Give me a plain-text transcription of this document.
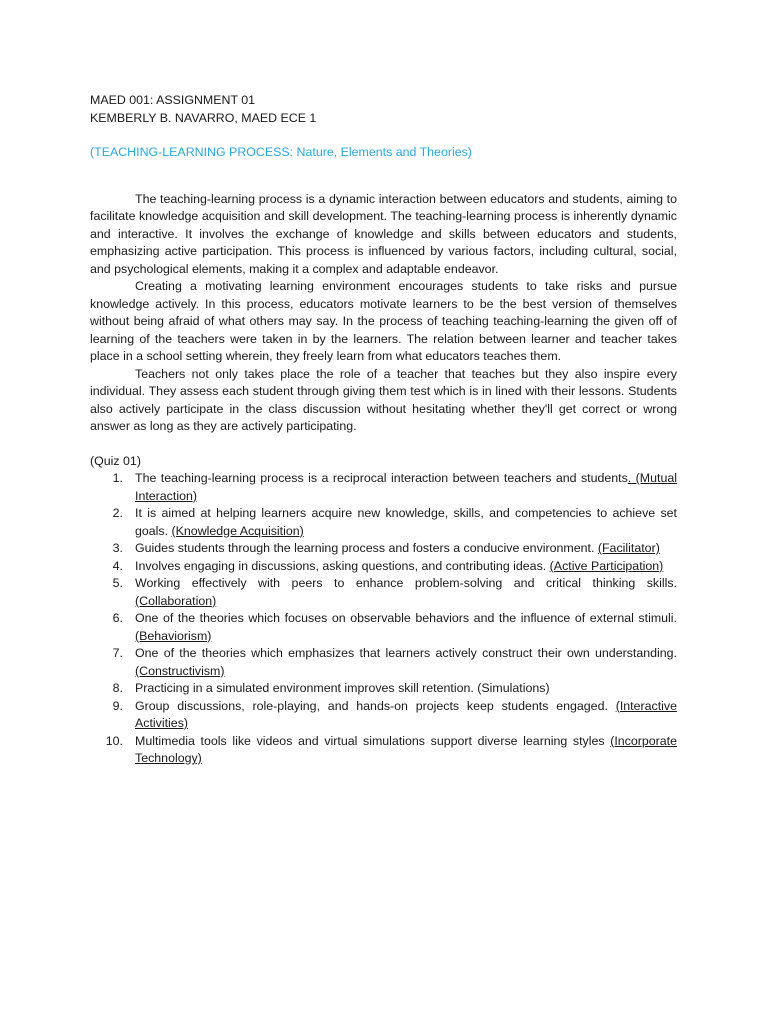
MAED 001: ASSIGNMENT 01
KEMBERLY B. NAVARRO, MAED ECE 1
(TEACHING-LEARNING PROCESS: Nature, Elements and Theories)

The teaching-learning process is a dynamic interaction between educators and students, aiming to facilitate knowledge acquisition and skill development. The teaching-learning process is inherently dynamic and interactive. It involves the exchange of knowledge and skills between educators and students, emphasizing active participation. This process is influenced by various factors, including cultural, social, and psychological elements, making it a complex and adaptable endeavor.

Creating a motivating learning environment encourages students to take risks and pursue knowledge actively. In this process, educators motivate learners to be the best version of themselves without being afraid of what others may say. In the process of teaching teaching-learning the given off of learning of the teachers were taken in by the learners. The relation between learner and teacher takes place in a school setting wherein, they freely learn from what educators teaches them.

Teachers not only takes place the role of a teacher that teaches but they also inspire every individual. They assess each student through giving them test which is in lined with their lessons. Students also actively participate in the class discussion without hesitating whether they'll get correct or wrong answer as long as they are actively participating.

(Quiz 01)
1. The teaching-learning process is a reciprocal interaction between teachers and students. (Mutual Interaction)
2. It is aimed at helping learners acquire new knowledge, skills, and competencies to achieve set goals. (Knowledge Acquisition)
3. Guides students through the learning process and fosters a conducive environment. (Facilitator)
4. Involves engaging in discussions, asking questions, and contributing ideas. (Active Participation)
5. Working effectively with peers to enhance problem-solving and critical thinking skills. (Collaboration)
6. One of the theories which focuses on observable behaviors and the influence of external stimuli. (Behaviorism)
7. One of the theories which emphasizes that learners actively construct their own understanding. (Constructivism)
8. Practicing in a simulated environment improves skill retention. (Simulations)
9. Group discussions, role-playing, and hands-on projects keep students engaged. (Interactive Activities)
10. Multimedia tools like videos and virtual simulations support diverse learning styles (Incorporate Technology)
